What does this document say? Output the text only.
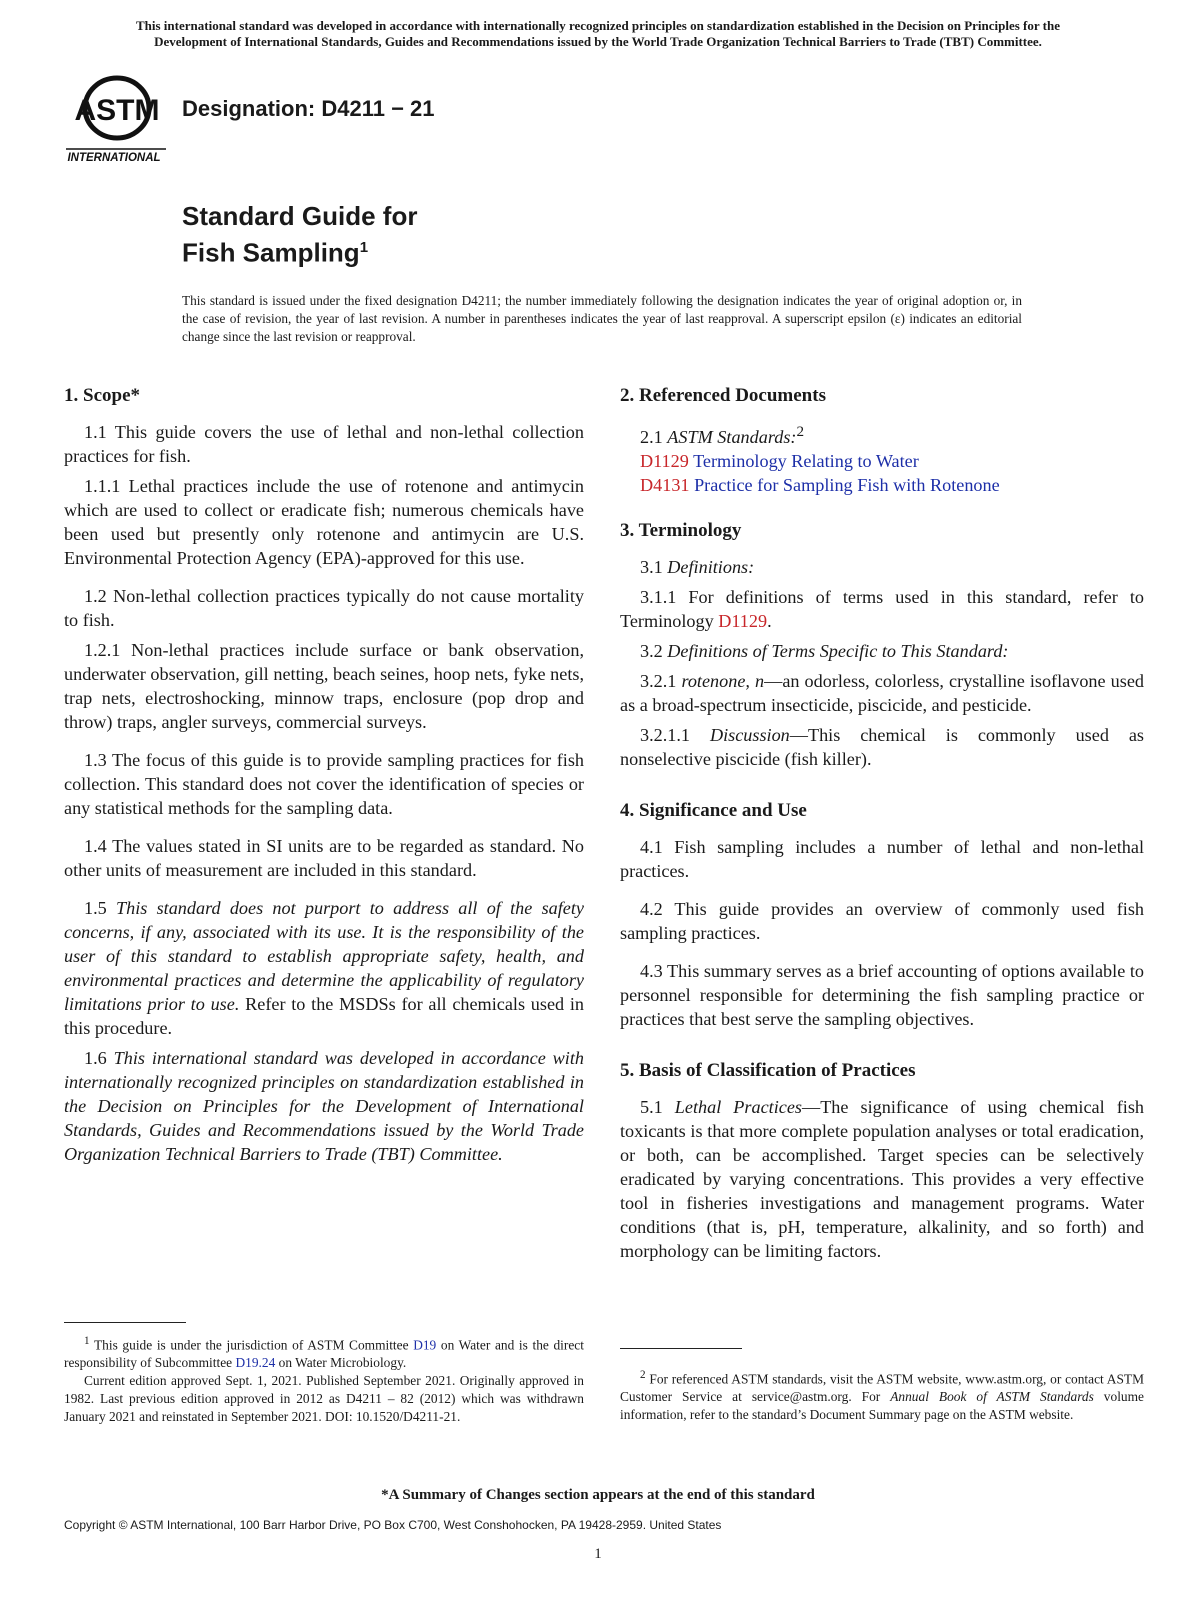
This international standard was developed in accordance with internationally recognized principles on standardization established in the Decision on Principles for the
Development of International Standards, Guides and Recommendations issued by the World Trade Organization Technical Barriers to Trade (TBT) Committee.
ASTM
INTERNATIONAL
Designation: D4211 − 21
Standard Guide for
Fish Sampling$^1$
This standard is issued under the fixed designation D4211; the number immediately following the designation indicates the year of original adoption or, in the case of revision, the year of last revision. A number in parentheses indicates the year of last reapproval. A superscript epsilon (ε) indicates an editorial change since the last revision or reapproval.
1. Scope*

1.1 This guide covers the use of lethal and non-lethal collection practices for fish.

1.1.1 Lethal practices include the use of rotenone and antimycin which are used to collect or eradicate fish; numerous chemicals have been used but presently only rotenone and antimycin are U.S. Environmental Protection Agency (EPA)-approved for this use.

1.2 Non-lethal collection practices typically do not cause mortality to fish.

1.2.1 Non-lethal practices include surface or bank observation, underwater observation, gill netting, beach seines, hoop nets, fyke nets, trap nets, electroshocking, minnow traps, enclosure (pop drop and throw) traps, angler surveys, commercial surveys.

1.3 The focus of this guide is to provide sampling practices for fish collection. This standard does not cover the identification of species or any statistical methods for the sampling data.

1.4 The values stated in SI units are to be regarded as standard. No other units of measurement are included in this standard.

1.5 This standard does not purport to address all of the safety concerns, if any, associated with its use. It is the responsibility of the user of this standard to establish appropriate safety, health, and environmental practices and determine the applicability of regulatory limitations prior to use. Refer to the MSDSs for all chemicals used in this procedure.

1.6 This international standard was developed in accordance with internationally recognized principles on standardization established in the Decision on Principles for the Development of International Standards, Guides and Recommendations issued by the World Trade Organization Technical Barriers to Trade (TBT) Committee.

2. Referenced Documents
2.1 ASTM Standards:$^2$
D1129 Terminology Relating to Water
D4131 Practice for Sampling Fish with Rotenone
3. Terminology

3.1 Definitions:

3.1.1 For definitions of terms used in this standard, refer to Terminology D1129.

3.2 Definitions of Terms Specific to This Standard:

3.2.1 rotenone, n—an odorless, colorless, crystalline isoflavone used as a broad-spectrum insecticide, piscicide, and pesticide.

3.2.1.1 Discussion—This chemical is commonly used as nonselective piscicide (fish killer).

4. Significance and Use

4.1 Fish sampling includes a number of lethal and non-lethal practices.

4.2 This guide provides an overview of commonly used fish sampling practices.

4.3 This summary serves as a brief accounting of options available to personnel responsible for determining the fish sampling practice or practices that best serve the sampling objectives.

5. Basis of Classification of Practices

5.1 Lethal Practices—The significance of using chemical fish toxicants is that more complete population analyses or total eradication, or both, can be accomplished. Target species can be selectively eradicated by varying concentrations. This provides a very effective tool in fisheries investigations and management programs. Water conditions (that is, pH, temperature, alkalinity, and so forth) and morphology can be limiting factors.

$^1$ This guide is under the jurisdiction of ASTM Committee D19 on Water and is the direct responsibility of Subcommittee D19.24 on Water Microbiology.

Current edition approved Sept. 1, 2021. Published September 2021. Originally approved in 1982. Last previous edition approved in 2012 as D4211 – 82 (2012) which was withdrawn January 2021 and reinstated in September 2021. DOI: 10.1520/D4211-21.

$^2$ For referenced ASTM standards, visit the ASTM website, www.astm.org, or contact ASTM Customer Service at service@astm.org. For Annual Book of ASTM Standards volume information, refer to the standard’s Document Summary page on the ASTM website.

*A Summary of Changes section appears at the end of this standard
Copyright © ASTM International, 100 Barr Harbor Drive, PO Box C700, West Conshohocken, PA 19428-2959. United States
1
